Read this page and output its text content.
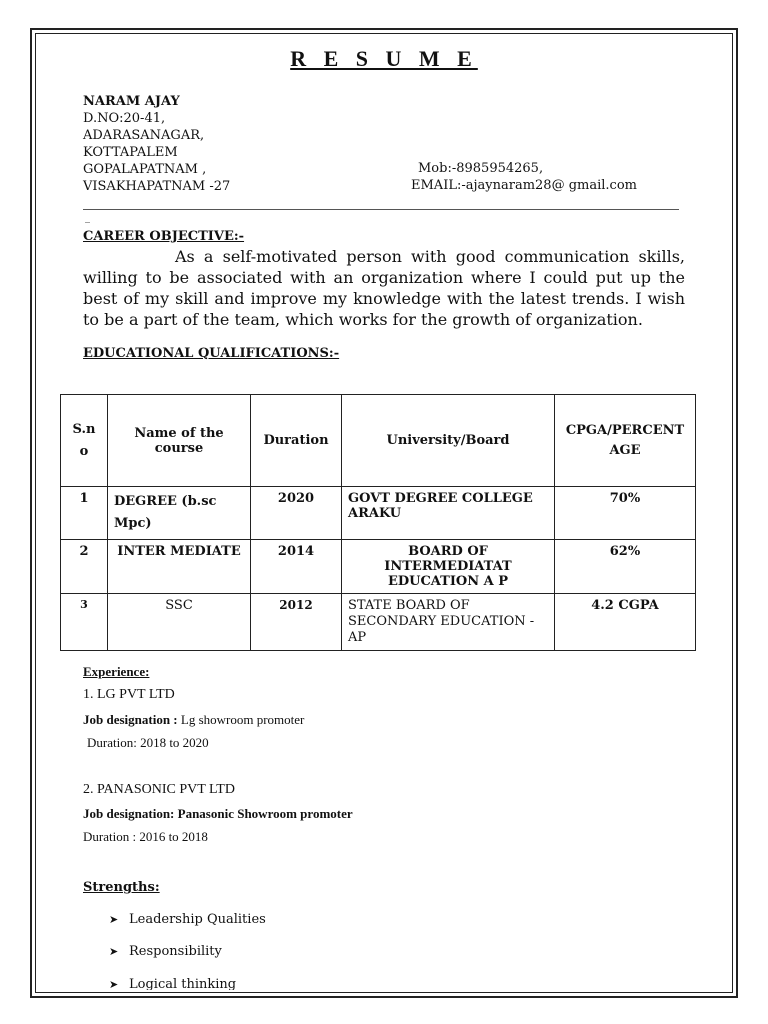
R E S U M E
NARAM AJAY
D.NO:20-41,
ADARASANAGAR,
KOTTAPALEM
GOPALAPATNAM ,
VISAKHAPATNAM -27
Mob:-8985954265,
EMAIL:-ajaynaram28@ gmail.com
_
CAREER OBJECTIVE:-
As a self-motivated person with good communication skills, willing to be associated with an organization where I could put up the best of my skill and improve my knowledge with the latest trends. I wish to be a part of the team, which works for the growth of organization.
EDUCATIONAL QUALIFICATIONS:-
S.n o	Name of the course	Duration	University/Board	CPGA/PERCENT AGE
1	DEGREE (b.sc Mpc)	2020	GOVT DEGREE COLLEGE ARAKU	70%
2	INTER MEDIATE	2014	BOARD OF INTERMEDIATAT EDUCATION A P	62%
3	SSC	2012	STATE BOARD OF SECONDARY EDUCATION - AP	4.2 CGPA
Experience:
1. LG PVT LTD
Job designation : Lg showroom promoter
Duration: 2018 to 2020
2. PANASONIC PVT LTD
Job designation: Panasonic Showroom promoter
Duration : 2016 to 2018
Strengths:
➤ Leadership Qualities
➤ Responsibility
➤ Logical thinking
